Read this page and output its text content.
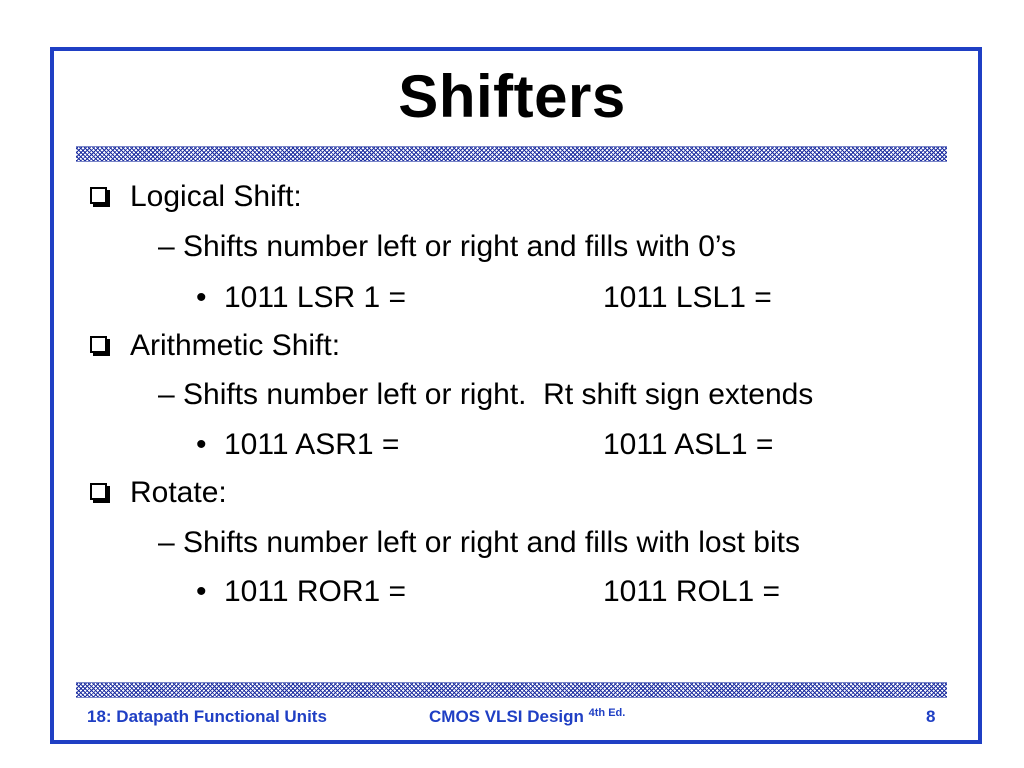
Shifters
Logical Shift:
– Shifts number left or right and fills with 0’s
• 1011 LSR 1 =	1011 LSL1 =
Arithmetic Shift:
– Shifts number left or right.  Rt shift sign extends
• 1011 ASR1 =	1011 ASL1 =
Rotate:
– Shifts number left or right and fills with lost bits
• 1011 ROR1 =	1011 ROL1 =
18: Datapath Functional Units	CMOS VLSI Design $^{4th Ed.}$	8
